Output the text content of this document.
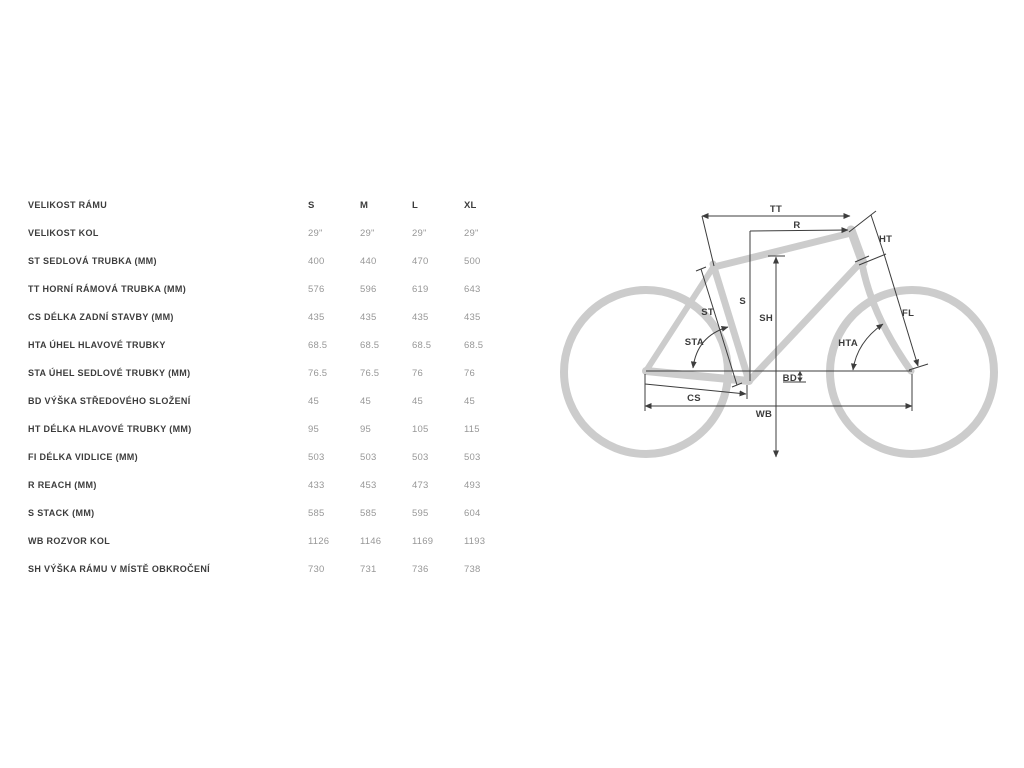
VELIKOST RÁMU	S	M	L	XL
VELIKOST KOL	29"	29"	29"	29"
ST SEDLOVÁ TRUBKA (MM)	400	440	470	500
TT HORNÍ RÁMOVÁ TRUBKA (MM)	576	596	619	643
CS DÉLKA ZADNÍ STAVBY (MM)	435	435	435	435
HTA ÚHEL HLAVOVÉ TRUBKY	68.5	68.5	68.5	68.5
STA ÚHEL SEDLOVÉ TRUBKY (MM)	76.5	76.5	76	76
BD VÝŠKA STŘEDOVÉHO SLOŽENÍ	45	45	45	45
HT DÉLKA HLAVOVÉ TRUBKY (MM)	95	95	105	115
FI DÉLKA VIDLICE (MM)	503	503	503	503
R REACH (MM)	433	453	473	493
S STACK (MM)	585	585	595	604
WB ROZVOR KOL	1126	1146	1169	1193
SH VÝŠKA RÁMU V MÍSTĚ OBKROČENÍ	730	731	736	738
TT
R
HT
S
SH
ST
STA
CS
BD
WB
HTA
FL
